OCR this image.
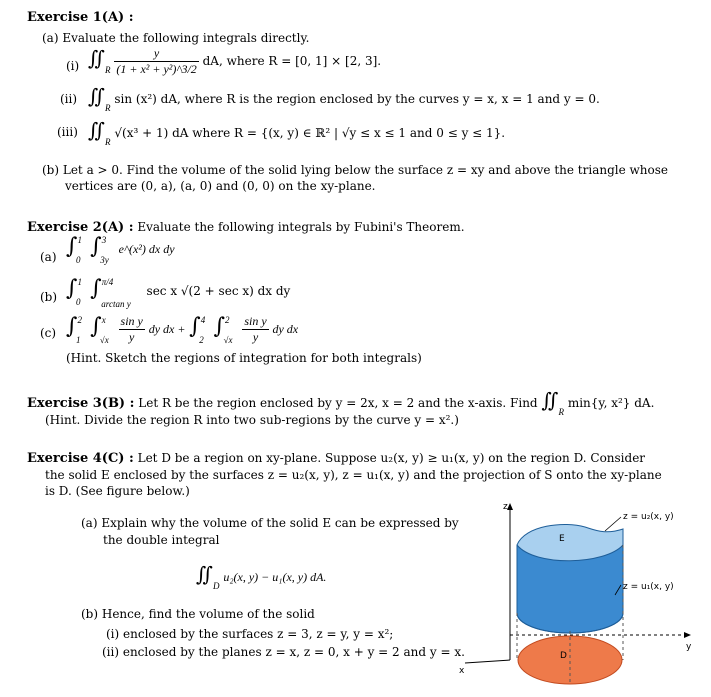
Exercise 1(A) :
(a) Evaluate the following integrals directly.
(i) $∬_R \frac{y}{\text{(1 + x² + y²)\textasciicircum{}3/2}}$ dA, where R = [0, 1] × [2, 3].
(ii) $∬_R$ sin (x²) dA, where R is the region enclosed by the curves y = x, x = 1 and y = 0.
(iii) $∬_R$ √(x³ + 1) dA where R = {(x, y) ∈ ℝ² | √y ≤ x ≤ 1 and 0 ≤ y ≤ 1}.
(b) Let a > 0. Find the volume of the solid lying below the surface z = xy and above the triangle whose
vertices are (0, a), (a, 0) and (0, 0) on the xy-plane.
Exercise 2(A) : Evaluate the following integrals by Fubini's Theorem.
(a) ∫$^1_0$ ∫$^3_{3y}$ e^(x²) dx dy
(b) ∫$^1_0$ ∫$^{\pi/4}_{arctan y}$ sec x √(2 + sec x) dx dy
(c) ∫$^2_1$ $\int^x_{√x} \frac{\text{sin y}}{y}$ dy dx + ∫$^4_2$ $\int^2_{√x} \frac{\text{sin y}}{y}$ dy dx
(Hint. Sketch the regions of integration for both integrals)
Exercise 3(B) : Let R be the region enclosed by y = 2x, x = 2 and the x-axis. Find $∬_R$ min{y, x²} dA.
(Hint. Divide the region R into two sub-regions by the curve y = x².)
Exercise 4(C) : Let D be a region on xy-plane. Suppose u₂(x, y) ≥ u₁(x, y) on the region D. Consider
the solid E enclosed by the surfaces z = u₂(x, y), z = u₁(x, y) and the projection of S onto the xy-plane
is D. (See figure below.)
(a) Explain why the volume of the solid E can be expressed by
the double integral
$∬_D$ u₂(x, y) − u₁(x, y) dA.
(b) Hence, find the volume of the solid
(i) enclosed by the surfaces z = 3, z = y, y = x²;
(ii) enclosed by the planes z = x, z = 0, x + y = 2 and y = x.
z
x
y
z = u₂(x, y)
z = u₁(x, y)
E
D
